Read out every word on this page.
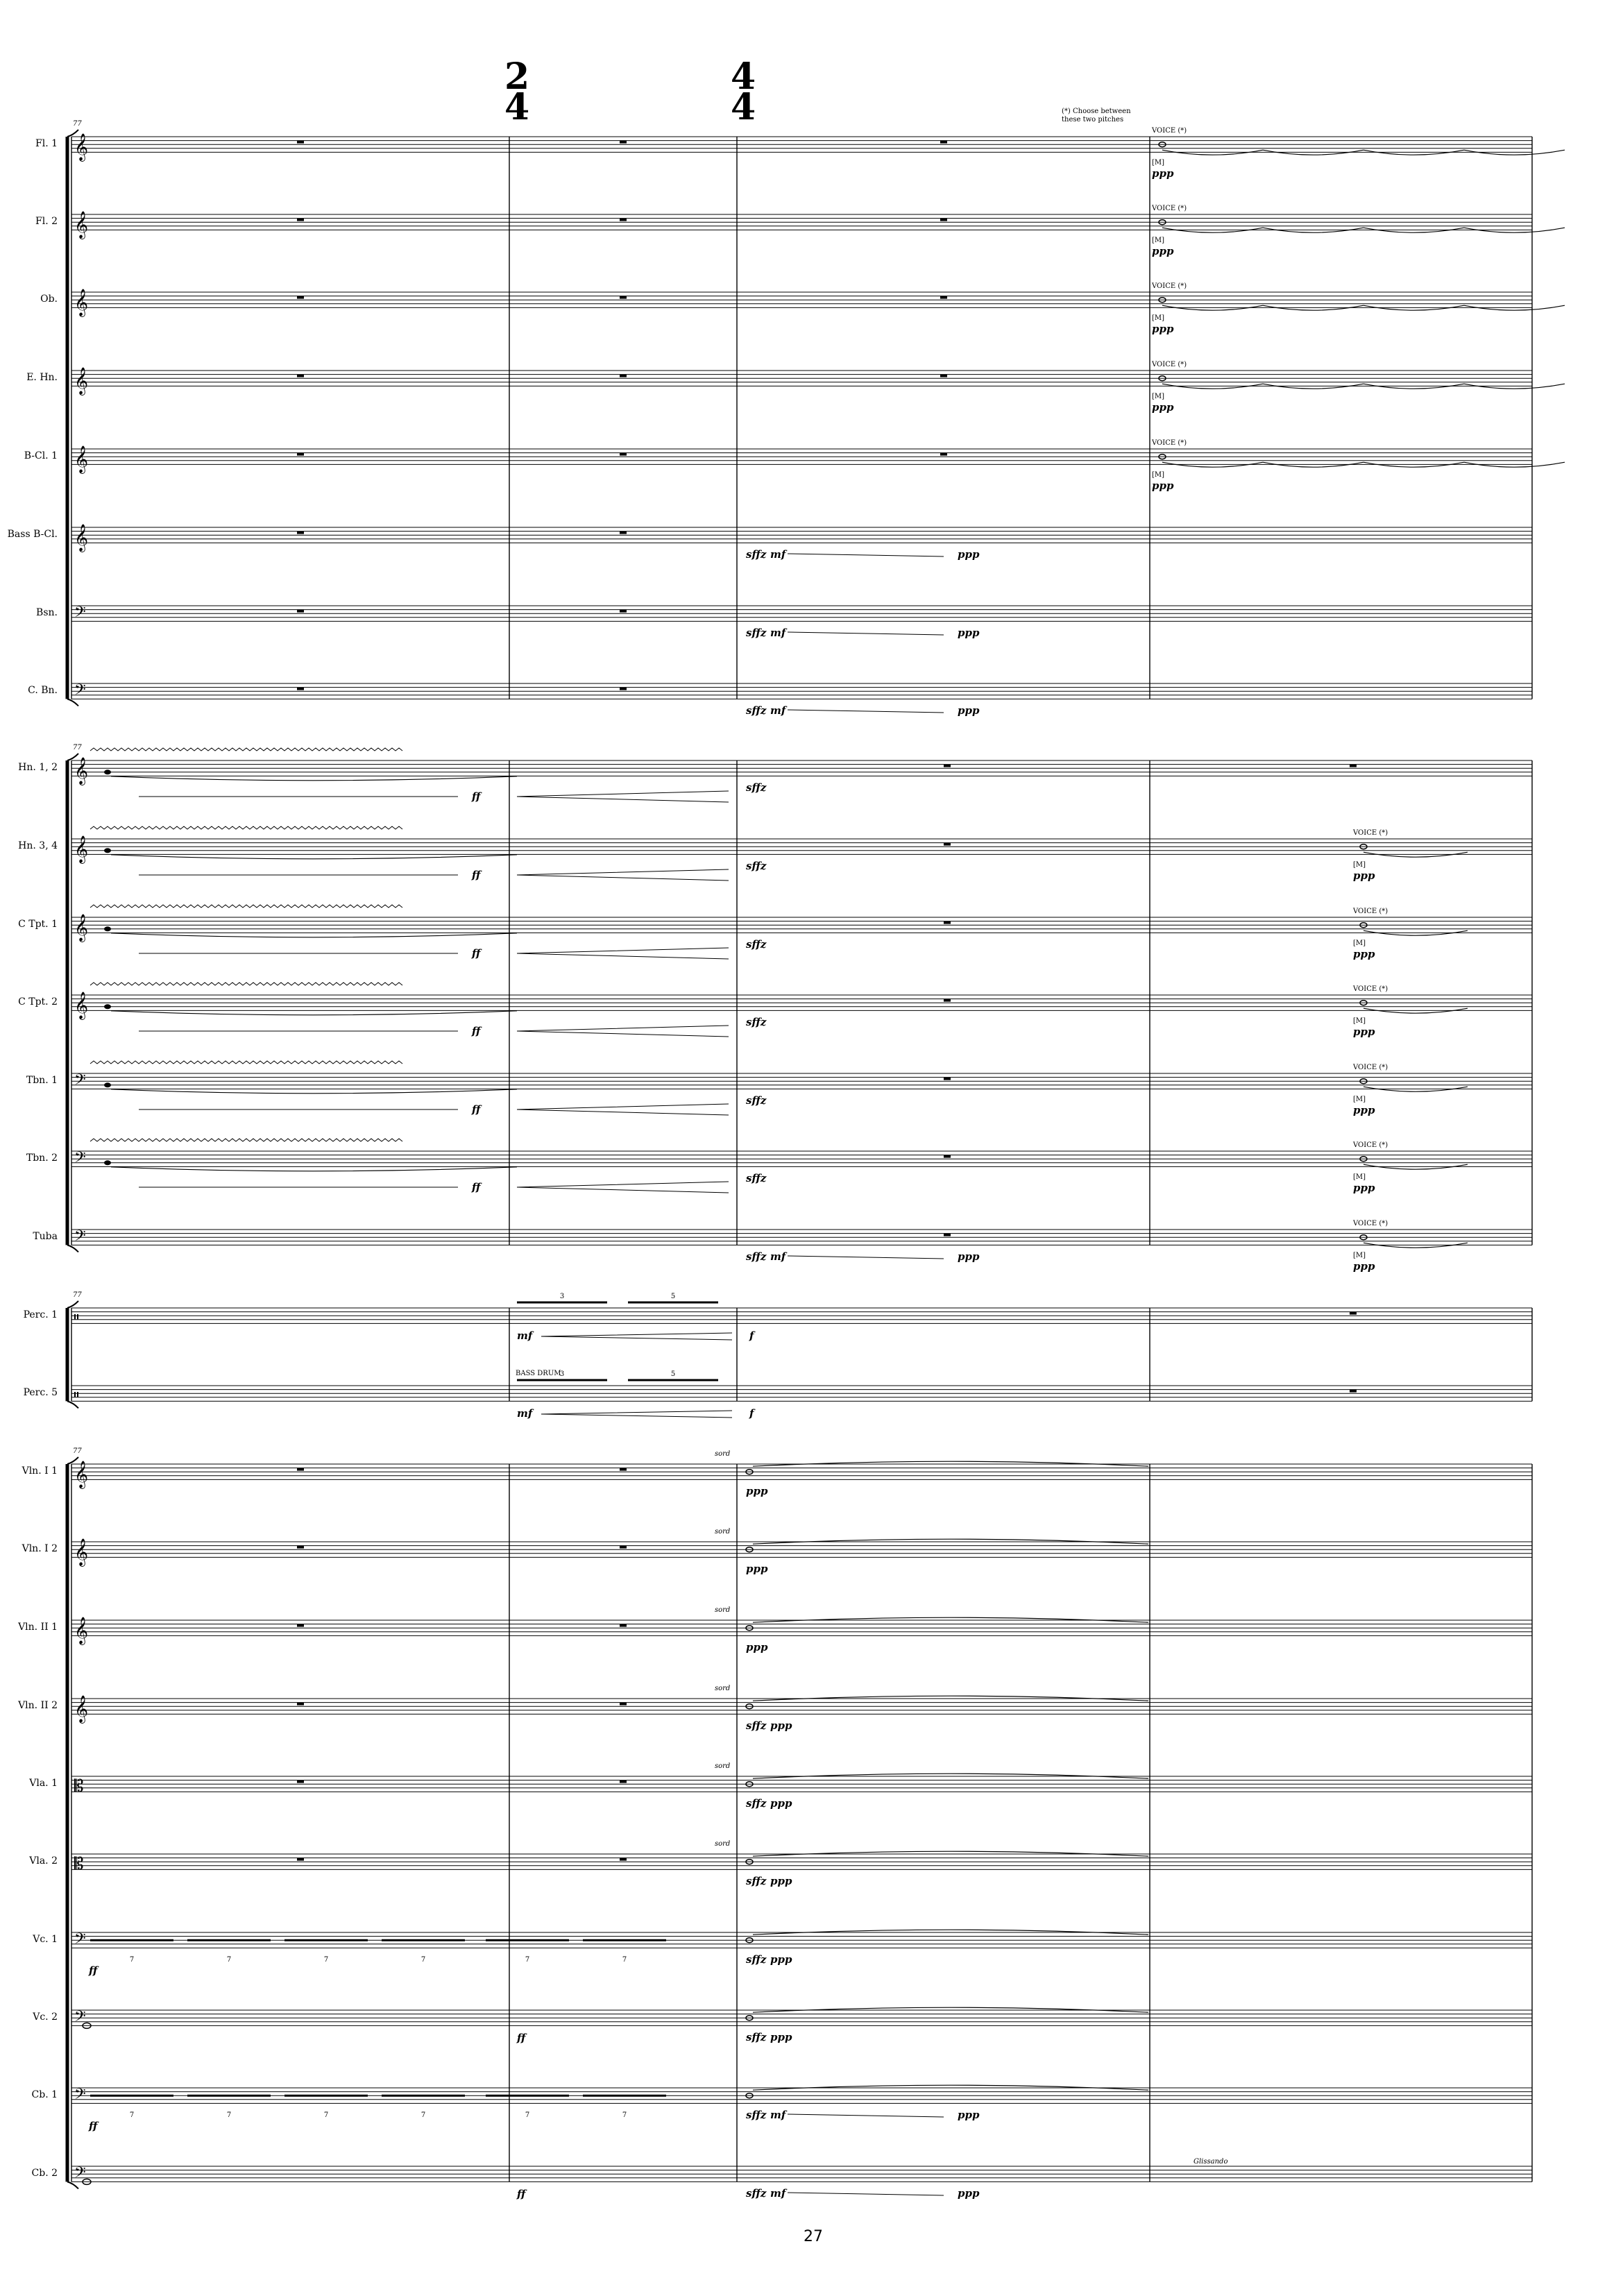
2
4
4
4	(*) Choose between
these two pitches
27
BASS DRUM
Fl. 1 𝄞
VOICE (*)
[M]
ppp
Fl. 2 𝄞
VOICE (*)
[M]
ppp
Ob. 𝄞
VOICE (*)
[M]
ppp
E. Hn. 𝄞
VOICE (*)
[M]
ppp
B-Cl. 1 𝄞
VOICE (*)
[M]
ppp
Bass B-Cl. 𝄞
Bsn. 𝄢
C. Bn. 𝄢
Hn. 1, 2 𝄞
Hn. 3, 4 𝄞
VOICE (*)
[M]
ppp
C Tpt. 1 𝄞
VOICE (*)
[M]
ppp
C Tpt. 2 𝄞
VOICE (*)
[M]
ppp
Tbn. 1 𝄢
VOICE (*)
[M]
ppp
Tbn. 2 𝄢
VOICE (*)
[M]
ppp
Tuba 𝄢
VOICE (*)
[M]
ppp
Perc. 1 𝄥
Perc. 5 𝄥
Vln. I 1 𝄞
sord
Vln. I 2 𝄞
sord
Vln. II 1 𝄞
sord
Vln. II 2 𝄞
sord
Vla. 1 𝄡
sord
Vla. 2 𝄡
sord
Vc. 1 𝄢
Vc. 2 𝄢
Cb. 1 𝄢
Cb. 2 𝄢
77
77
77
77
ff
sffz
ff
sffz
ff
sffz
ff
sffz
ff
sffz
ff
sffz
sffz mf	ppp
sffz mf	ppp
sffz mf	ppp
sffz mf	ppp
sffz mf	ppp
sffz mf	ppp
ppp
ppp
ppp
sffz ppp
sffz ppp
sffz ppp
sffz ppp
sffz ppp
mf	f
3	5
mf	f
3	5
7	7	7	7	7	7
ff
7	7	7	7	7	7
ff
ff
ff
Glissando
